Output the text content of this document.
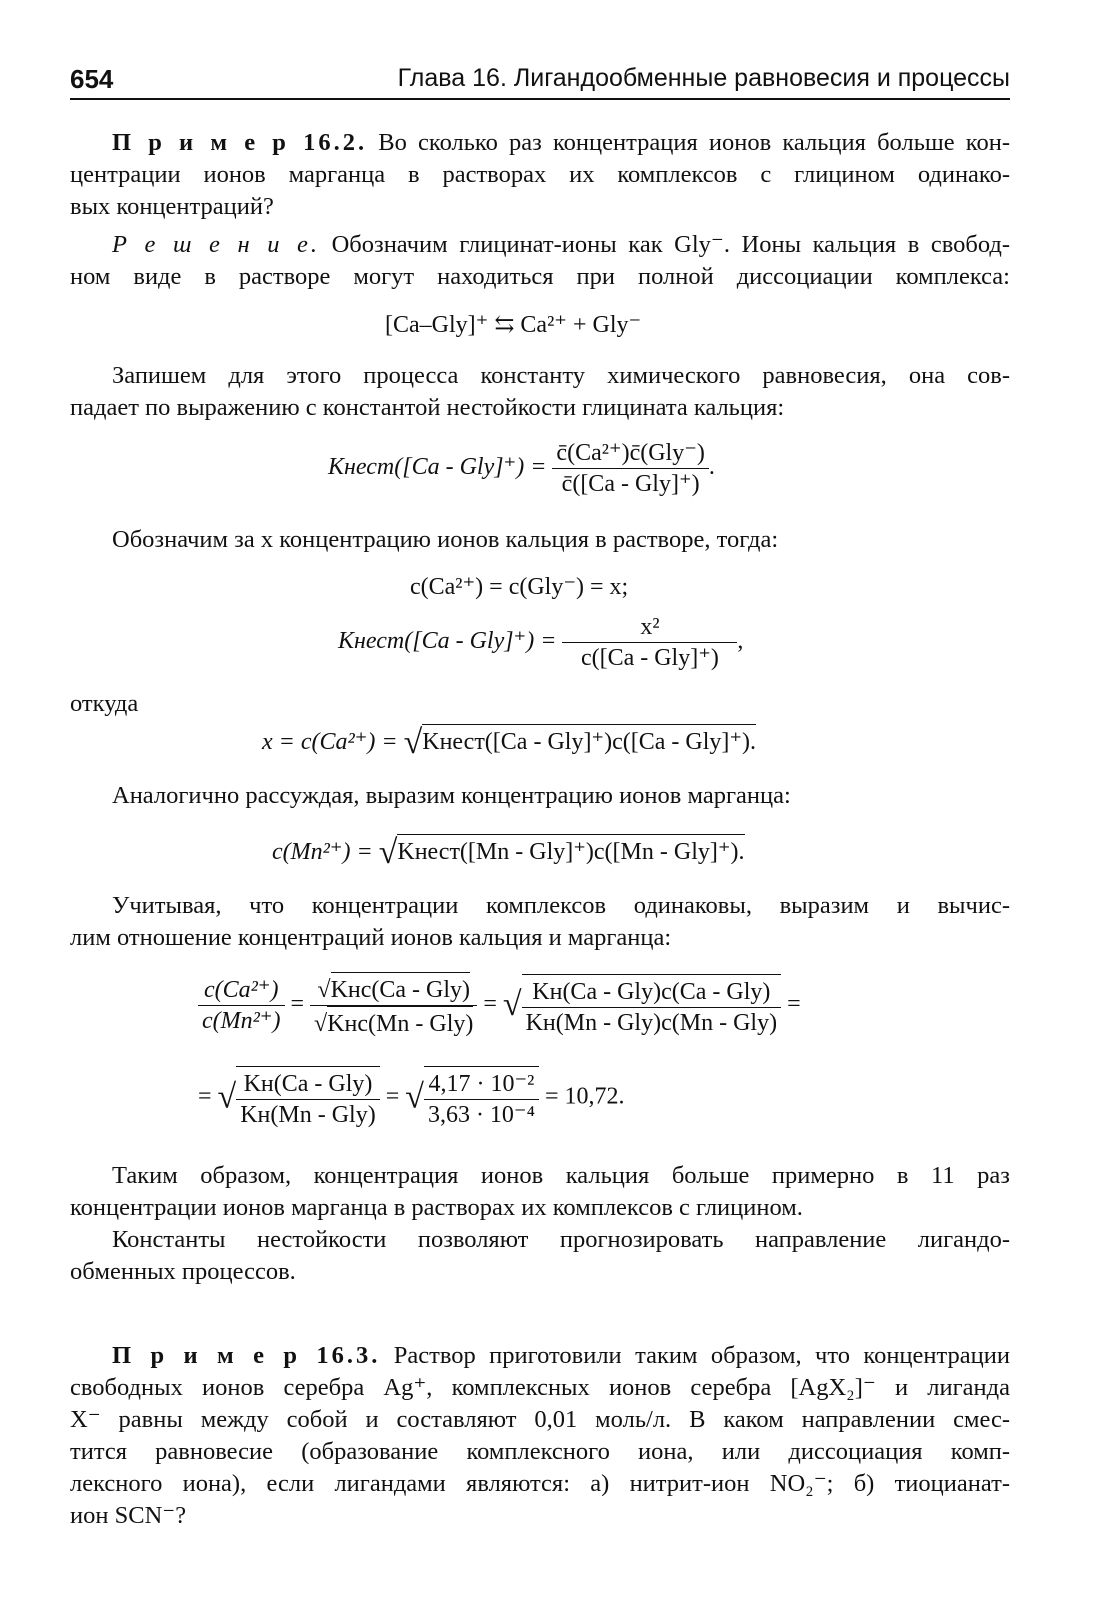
654	Глава 16. Лигандообменные равновесия и процессы
П р и м е р 16.2. Во сколько раз концентрация ионов кальция больше кон-
центрации ионов марганца в растворах их комплексов с глицином одинако-
вых концентраций?
Р е ш е н и е. Обозначим глицинат-ионы как Gly⁻. Ионы кальция в свобод-
ном виде в растворе могут находиться при полной диссоциации комплекса:
[Ca–Gly]⁺ ⇆ Ca²⁺ + Gly⁻
Запишем для этого процесса константу химического равновесия, она сов-
падает по выражению с константой нестойкости глицината кальция:
Kнест([Ca - $Gly]^+) = \frac{\text{c̄(Ca²⁺)c̄(Gly⁻)}}{\text{c̄([Ca - Gly]⁺)}}$ .
Обозначим за x концентрацию ионов кальция в растворе, тогда:
c(Ca²⁺) = c(Gly⁻) = x;
Kнест([Ca - $Gly]^+) = \frac{\text{x²}}{\text{c([Ca - Gly]⁺)}}$ ,
откуда
x = c(Ca²⁺) = √Kнест([Ca - Gly]⁺)c([Ca - Gly]⁺).
Аналогично рассуждая, выразим концентрацию ионов марганца:
c(Mn²⁺) = √Kнест([Mn - Gly]⁺)c([Mn - Gly]⁺).
Учитывая, что концентрации комплексов одинаковы, выразим и вычис-
лим отношение концентраций ионов кальция и марганца:
$\frac{\text{c(Ca²⁺)}}{\text{c(Mn²⁺)}} = \frac{\text{√Kнc(Ca - Gly)}}{\text{√Kнc(Mn - Gly)}}$ = √ $\frac{\text{Kн(Ca - Gly)c(Ca - Gly)}}{\text{Kн(Mn - Gly)c(Mn - Gly)}}$ =
= √ $\frac{\text{Kн(Ca - Gly)}}{\text{Kн(Mn - Gly)}}$ = √ $\frac{\text{4,17 · 10⁻²}}{\text{3,63 · 10⁻⁴}} = 10,72$.
Таким образом, концентрация ионов кальция больше примерно в 11 раз
концентрации ионов марганца в растворах их комплексов с глицином.
Константы нестойкости позволяют прогнозировать направление лигандо-
обменных процессов.
П р и м е р 16.3. Раствор приготовили таким образом, что концентрации
свободных ионов серебра Ag⁺, комплексных ионов серебра [AgX₂]⁻ и лиганда
X⁻ равны между собой и составляют 0,01 моль/л. В каком направлении смес-
тится равновесие (образование комплексного иона, или диссоциация комп-
лексного иона), если лигандами являются: а) нитрит-ион NO₂⁻; б) тиоцианат-
ион SCN⁻?
